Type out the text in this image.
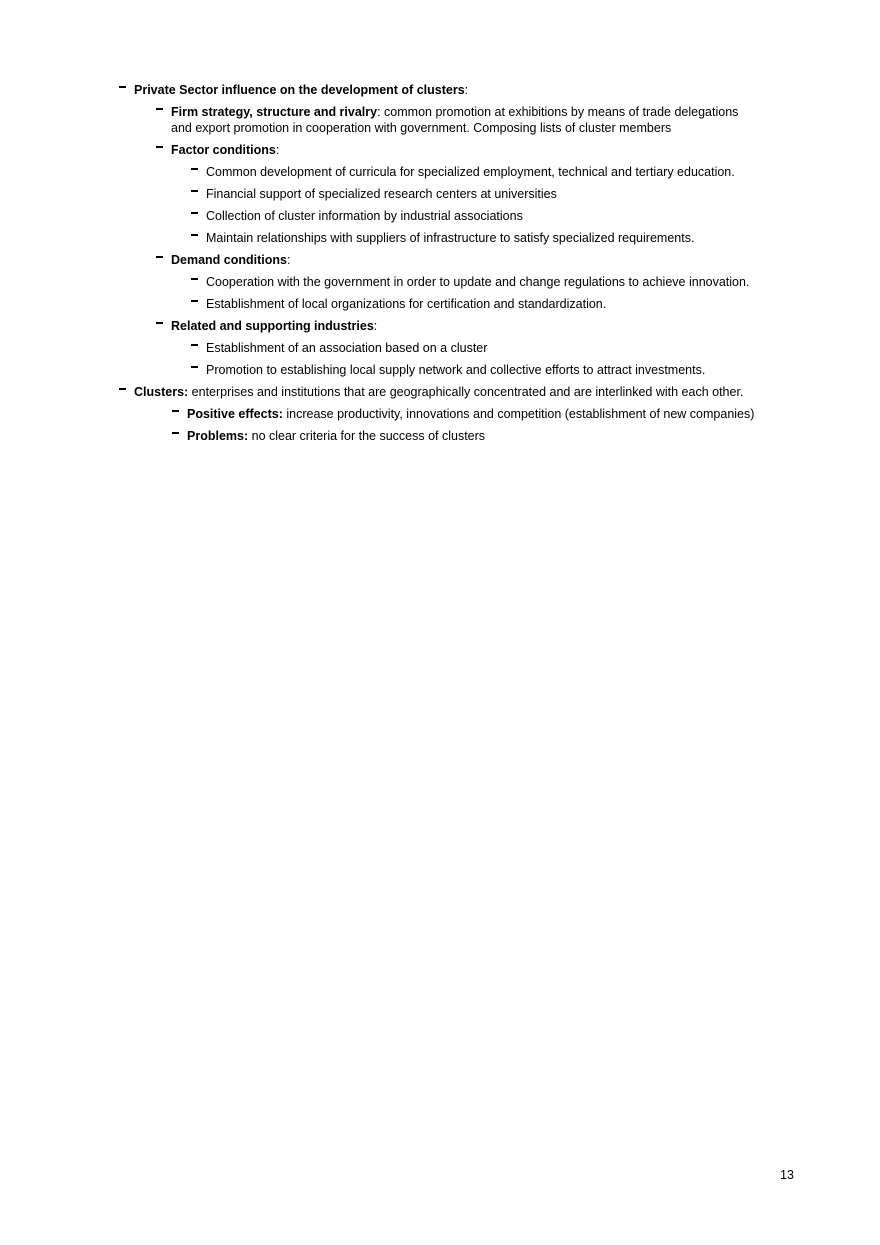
Private Sector influence on the development of clusters:
Firm strategy, structure and rivalry: common promotion at exhibitions by means of trade delegations
and export promotion in cooperation with government. Composing lists of cluster members
Factor conditions:
Common development of curricula for specialized employment, technical and tertiary education.
Financial support of specialized research centers at universities
Collection of cluster information by industrial associations
Maintain relationships with suppliers of infrastructure to satisfy specialized requirements.
Demand conditions:
Cooperation with the government in order to update and change regulations to achieve innovation.
Establishment of local organizations for certification and standardization.
Related and supporting industries:
Establishment of an association based on a cluster
Promotion to establishing local supply network and collective efforts to attract investments.
Clusters: enterprises and institutions that are geographically concentrated and are interlinked with each other.
Positive effects: increase productivity, innovations and competition (establishment of new companies)
Problems: no clear criteria for the success of clusters
13
